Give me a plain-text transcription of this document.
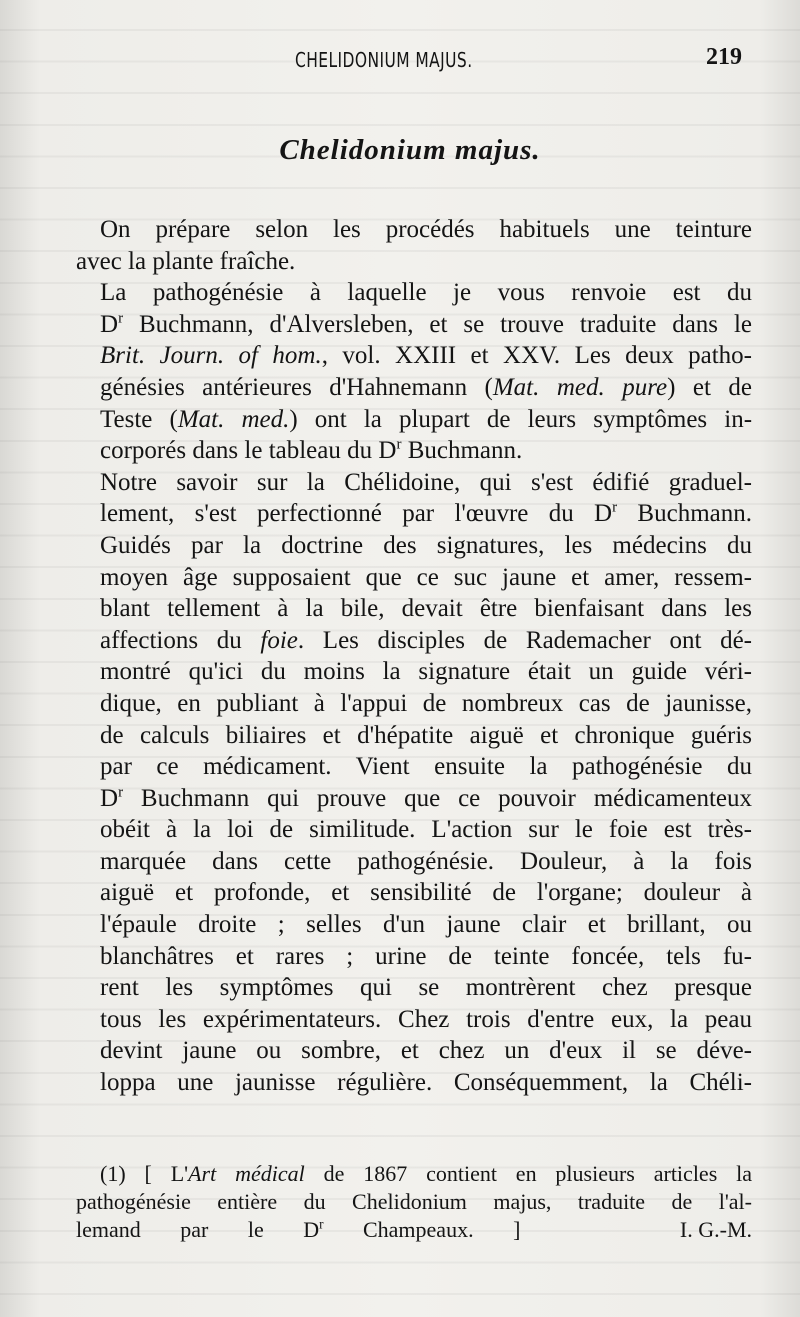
CHELIDONIUM MAJUS.	219
Chelidonium majus.

On prépare selon les procédés habituels une teinture
avec la plante fraîche.

La pathogénésie à laquelle je vous renvoie est du
$D^r$ Buchmann, d'Alversleben, et se trouve traduite dans le
Brit. Journ. of hom., vol. XXIII et XXV. Les deux patho-
génésies antérieures d'Hahnemann (Mat. med. pure) et de
Teste (Mat. med.) ont la plupart de leurs symptômes in-
corporés dans le tableau du $D^r$ Buchmann.

Notre savoir sur la Chélidoine, qui s'est édifié graduel-
lement, s'est perfectionné par l'œuvre du $D^r$ Buchmann.
Guidés par la doctrine des signatures, les médecins du
moyen âge supposaient que ce suc jaune et amer, ressem-
blant tellement à la bile, devait être bienfaisant dans les
affections du foie. Les disciples de Rademacher ont dé-
montré qu'ici du moins la signature était un guide véri-
dique, en publiant à l'appui de nombreux cas de jaunisse,
de calculs biliaires et d'hépatite aiguë et chronique guéris
par ce médicament. Vient ensuite la pathogénésie du
$D^r$ Buchmann qui prouve que ce pouvoir médicamenteux
obéit à la loi de similitude. L'action sur le foie est très-
marquée dans cette pathogénésie. Douleur, à la fois
aiguë et profonde, et sensibilité de l'organe; douleur à
l'épaule droite ; selles d'un jaune clair et brillant, ou
blanchâtres et rares ; urine de teinte foncée, tels fu-
rent les symptômes qui se montrèrent chez presque
tous les expérimentateurs. Chez trois d'entre eux, la peau
devint jaune ou sombre, et chez un d'eux il se déve-
loppa une jaunisse régulière. Conséquemment, la Chéli-

(1) [ L'Art médical de 1867 contient en plusieurs articles la
pathogénésie entière du Chelidonium majus, traduite de l'al-
lemand par le $D^r$ Champeaux. ]	I. G.-M.
